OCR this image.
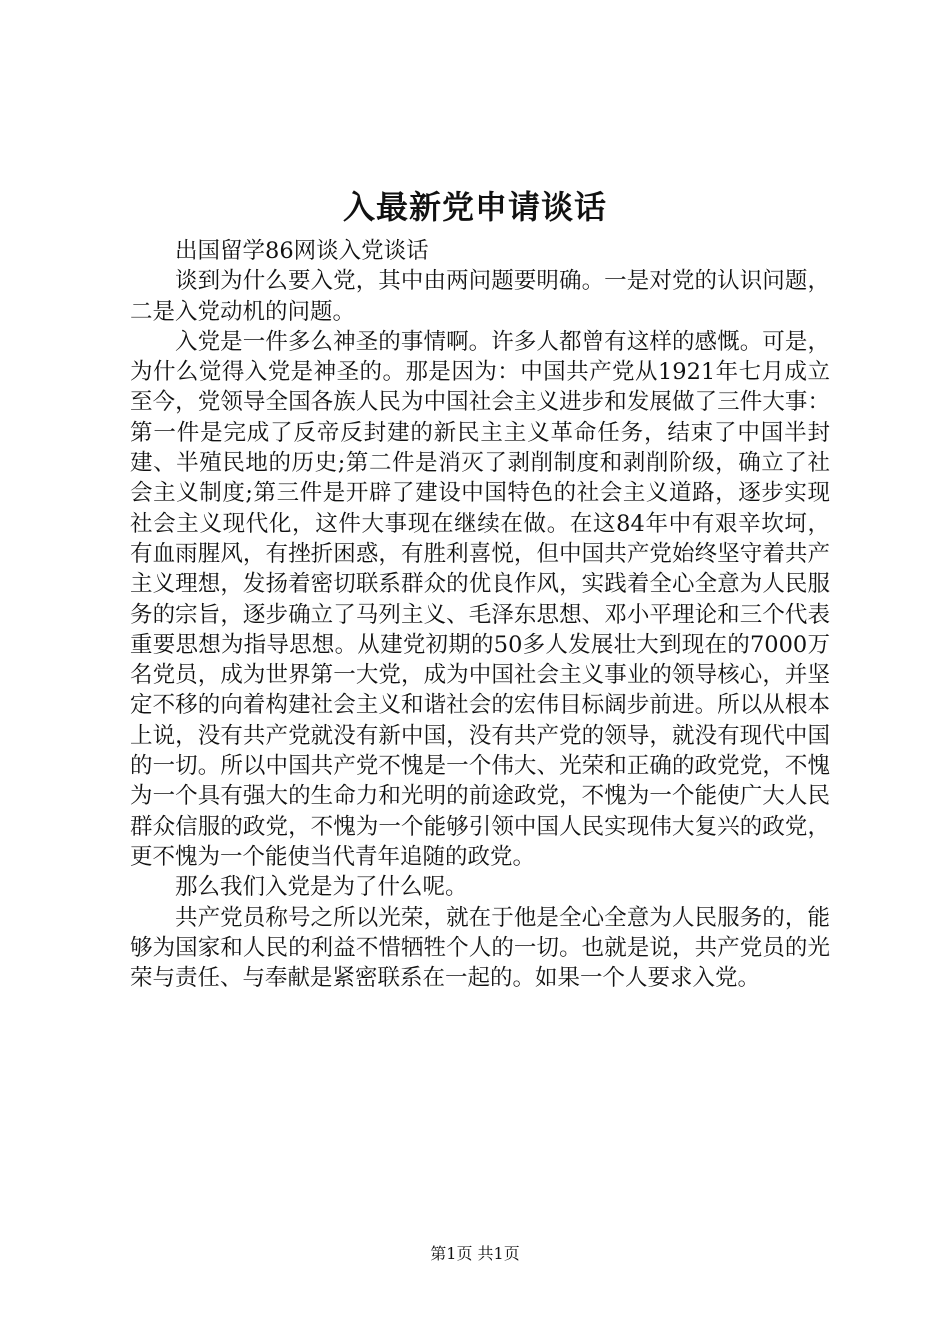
入最新党申请谈话

出国留学86网谈入党谈话

谈到为什么要入党，其中由两问题要明确。一是对党的认识问题，二是入党动机的问题。

入党是一件多么神圣的事情啊。许多人都曾有这样的感慨。可是，为什么觉得入党是神圣的。那是因为：中国共产党从1921年七月成立至今，党领导全国各族人民为中国社会主义进步和发展做了三件大事：第一件是完成了反帝反封建的新民主主义革命任务，结束了中国半封建、半殖民地的历史;第二件是消灭了剥削制度和剥削阶级，确立了社会主义制度;第三件是开辟了建设中国特色的社会主义道路，逐步实现社会主义现代化，这件大事现在继续在做。在这84年中有艰辛坎坷，有血雨腥风，有挫折困惑，有胜利喜悦，但中国共产党始终坚守着共产主义理想，发扬着密切联系群众的优良作风，实践着全心全意为人民服务的宗旨，逐步确立了马列主义、毛泽东思想、邓小平理论和三个代表重要思想为指导思想。从建党初期的50多人发展壮大到现在的7000万名党员，成为世界第一大党，成为中国社会主义事业的领导核心，并坚定不移的向着构建社会主义和谐社会的宏伟目标阔步前进。所以从根本上说，没有共产党就没有新中国，没有共产党的领导，就没有现代中国的一切。所以中国共产党不愧是一个伟大、光荣和正确的政党党，不愧为一个具有强大的生命力和光明的前途政党，不愧为一个能使广大人民群众信服的政党，不愧为一个能够引领中国人民实现伟大复兴的政党，更不愧为一个能使当代青年追随的政党。

那么我们入党是为了什么呢。

共产党员称号之所以光荣，就在于他是全心全意为人民服务的，能够为国家和人民的利益不惜牺牲个人的一切。也就是说，共产党员的光荣与责任、与奉献是紧密联系在一起的。如果一个人要求入党。

第1页 共1页
